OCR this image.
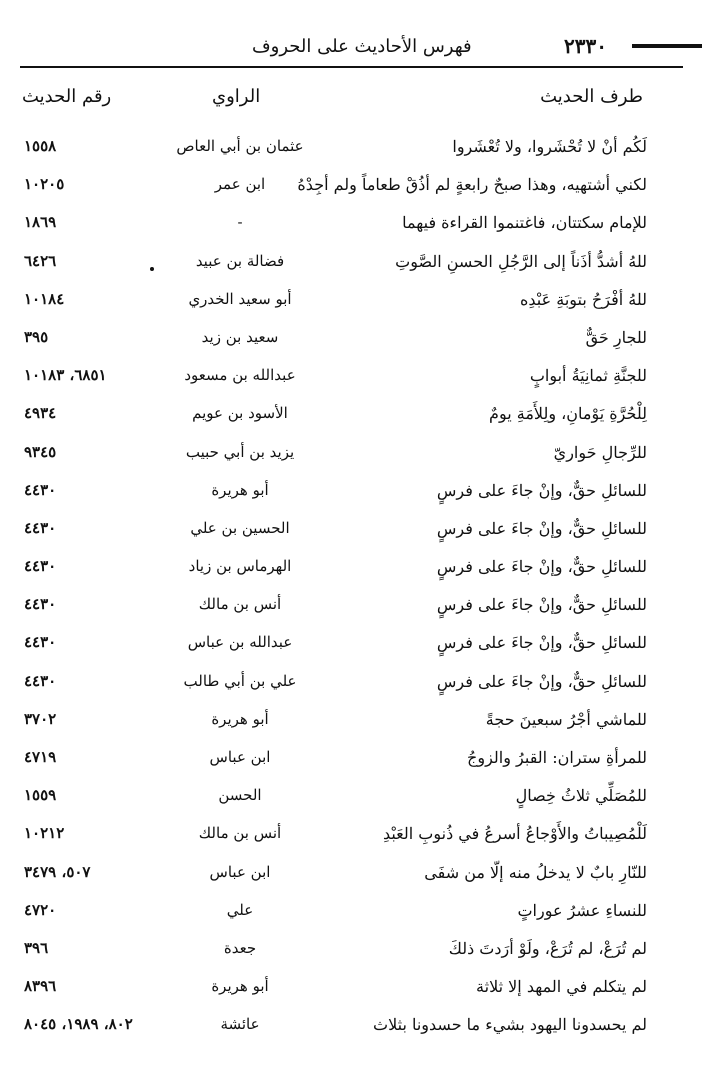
فهرس الأحاديث على الحروف	٢٣٣٠
طرف الحديث
الراوي
رقم الحديث
لَكُم أنْ لا تُحْشَروا، ولا تُعْشَروا
عثمان بن أبي العاص
١٥٥٨
لكني أشتهيه، وهذا صبحٌ رابعةٍ لم أذُقْ طعاماً ولم أجِدْهُ
ابن عمر
١٠٢٠٥
للإمام سكتتان، فاغتنموا القراءة فيهما
-
١٨٦٩
للهُ أشدُّ أذَناً إلى الرَّجُلِ الحسنِ الصَّوتِ
فضالة بن عبيد
٦٤٢٦
للهُ أفْرَحُ بتوبَةِ عَبْدِه
أبو سعيد الخدري
١٠١٨٤
للجارِ حَقٌّ
سعيد بن زيد
٣٩٥
للجنَّةِ ثمانِيَةُ أبوابٍ
عبدالله بن مسعود
٦٨٥١، ١٠١٨٣
لِلْحُرَّةِ يَوْمانِ، ولِلأَمَةِ يومٌ
الأسود بن عويم
٤٩٣٤
للرِّجالِ حَواريّ
يزيد بن أبي حبيب
٩٣٤٥
للسائلِ حقٌّ، وإنْ جاءَ على فرسٍ
أبو هريرة
٤٤٣٠
للسائلِ حقٌّ، وإنْ جاءَ على فرسٍ
الحسين بن علي
٤٤٣٠
للسائلِ حقٌّ، وإنْ جاءَ على فرسٍ
الهرماس بن زياد
٤٤٣٠
للسائلِ حقٌّ، وإنْ جاءَ على فرسٍ
أنس بن مالك
٤٤٣٠
للسائلِ حقٌّ، وإنْ جاءَ على فرسٍ
عبدالله بن عباس
٤٤٣٠
للسائلِ حقٌّ، وإنْ جاءَ على فرسٍ
علي بن أبي طالب
٤٤٣٠
للماشي أجْرُ سبعينَ حجةً
أبو هريرة
٣٧٠٢
للمرأةِ ستران: القبرُ والزوجُ
ابن عباس
٤٧١٩
للمُصَلِّي ثلاثُ خِصالٍ
الحسن
١٥٥٩
لَلْمُصِيباتُ والأَوْجاعُ أسرعُ في ذُنوبِ العَبْدِ
أنس بن مالك
١٠٢١٢
للنّارِ بابٌ لا يدخلُ منه إلّا من شفَى
ابن عباس
٥٠٧، ٣٤٧٩
للنساءِ عشرُ عوراتٍ
علي
٤٧٢٠
لم تُرَعْ، لم تُرَعْ، ولَوْ أرَدتَ ذلكَ
جعدة
٣٩٦
لم يتكلم في المهد إلا ثلاثة
أبو هريرة
٨٣٩٦
لم يحسدونا اليهود بشيء ما حسدونا بثلاث
عائشة
٨٠٢، ١٩٨٩، ٨٠٤٥
